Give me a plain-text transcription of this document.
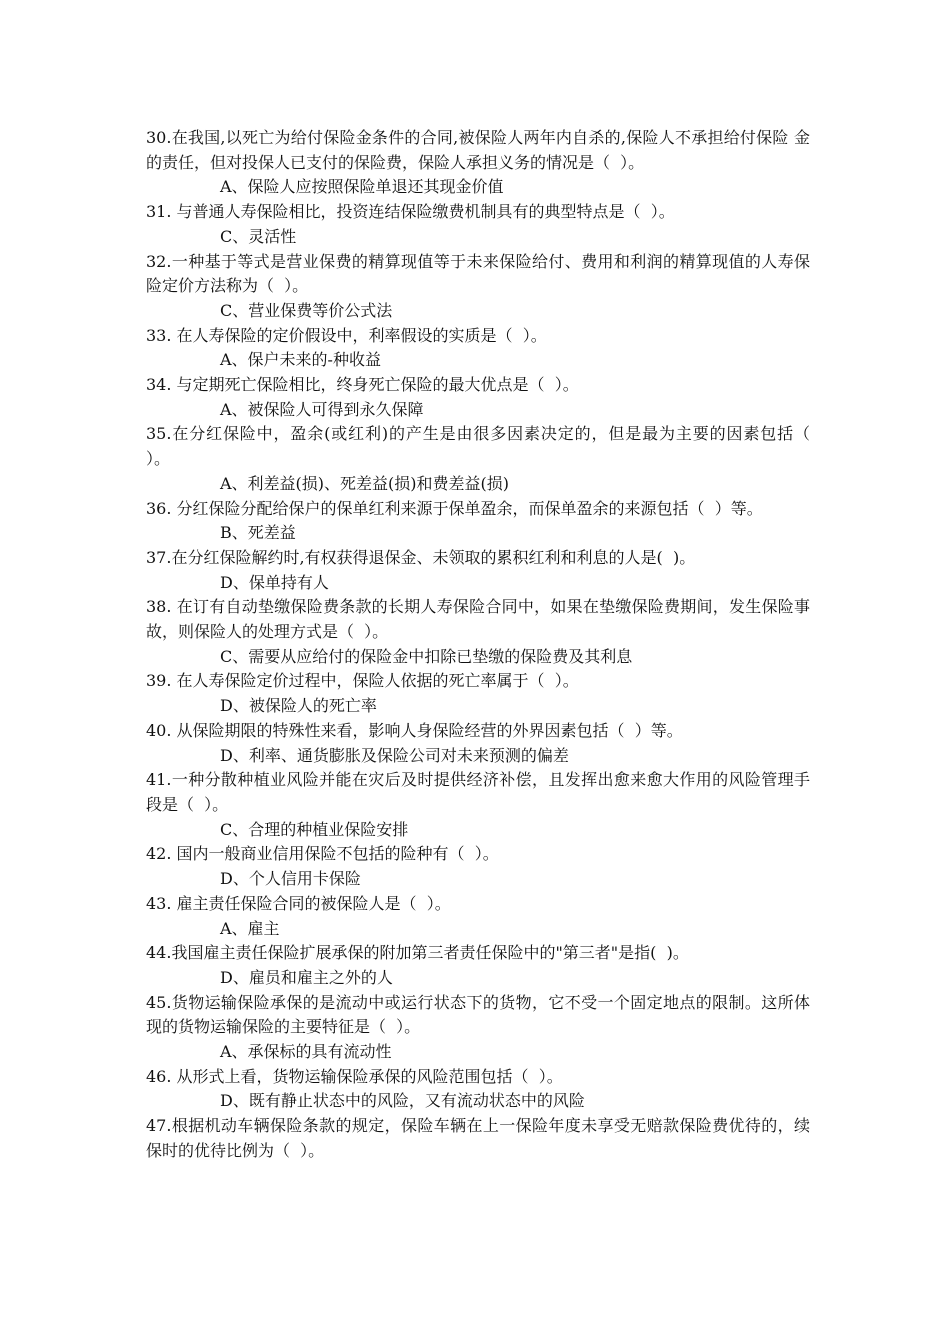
30.在我国,以死亡为给付保险金条件的合同,被保险人两年内自杀的,保险人不承担给付保险 金的责任，但对投保人已支付的保险费，保险人承担义务的情况是（  ）。

A、保险人应按照保险单退还其现金价值

31. 与普通人寿保险相比，投资连结保险缴费机制具有的典型特点是（  ）。

C、灵活性

32.一种基于等式是营业保费的精算现值等于未来保险给付、费用和利润的精算现值的人寿保险定价方法称为（  ）。

C、营业保费等价公式法

33. 在人寿保险的定价假设中，利率假设的实质是（  ）。

A、保户未来的-种收益

34. 与定期死亡保险相比，终身死亡保险的最大优点是（  ）。

A、被保险人可得到永久保障

35.在分红保险中，盈余(或红利)的产生是由很多因素决定的，但是最为主要的因素包括（  ）。

A、利差益(损)、死差益(损)和费差益(损)

36. 分红保险分配给保户的保单红利来源于保单盈余，而保单盈余的来源包括（  ）等。

B、死差益

37.在分红保险解约时,有权获得退保金、未领取的累积红利和利息的人是(  )。

D、保单持有人

38. 在订有自动垫缴保险费条款的长期人寿保险合同中，如果在垫缴保险费期间，发生保险事故，则保险人的处理方式是（  ）。

C、需要从应给付的保险金中扣除已垫缴的保险费及其利息

39. 在人寿保险定价过程中，保险人依据的死亡率属于（  ）。

D、被保险人的死亡率

40. 从保险期限的特殊性来看，影响人身保险经营的外界因素包括（  ）等。

D、利率、通货膨胀及保险公司对未来预测的偏差

41.一种分散种植业风险并能在灾后及时提供经济补偿，且发挥出愈来愈大作用的风险管理手段是（  ）。

C、合理的种植业保险安排

42. 国内一般商业信用保险不包括的险种有（  ）。

D、个人信用卡保险

43. 雇主责任保险合同的被保险人是（  ）。

A、雇主

44.我国雇主责任保险扩展承保的附加第三者责任保险中的"第三者"是指(  )。

D、雇员和雇主之外的人

45.货物运输保险承保的是流动中或运行状态下的货物，它不受一个固定地点的限制。这所体现的货物运输保险的主要特征是（  ）。

A、承保标的具有流动性

46. 从形式上看，货物运输保险承保的风险范围包括（  ）。

D、既有静止状态中的风险，又有流动状态中的风险

47.根据机动车辆保险条款的规定，保险车辆在上一保险年度未享受无赔款保险费优待的，续保时的优待比例为（  ）。
